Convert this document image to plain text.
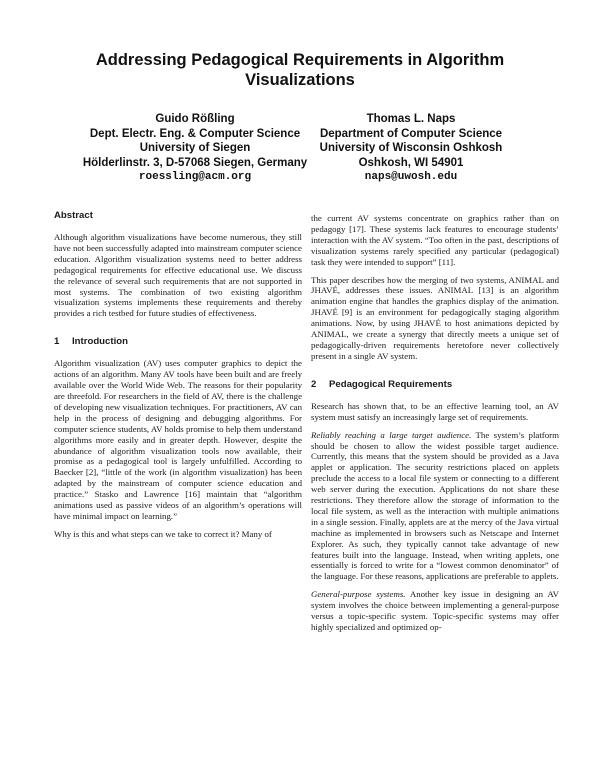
Addressing Pedagogical Requirements in Algorithm Visualizations
Guido Rößling
Dept. Electr. Eng. & Computer Science
University of Siegen
Hölderlinstr. 3, D-57068 Siegen, Germany
roessling@acm.org
Thomas L. Naps
Department of Computer Science
University of Wisconsin Oshkosh
Oshkosh, WI 54901
naps@uwosh.edu
Abstract

Although algorithm visualizations have become numerous, they still have not been successfully adapted into mainstream computer science education. Algorithm visualization systems need to better address pedagogical requirements for effective educational use. We discuss the relevance of several such requirements that are not supported in most systems. The combination of two existing algorithm visualization systems implements these requirements and thereby provides a rich testbed for future studies of effectiveness.

1 Introduction

Algorithm visualization (AV) uses computer graphics to depict the actions of an algorithm. Many AV tools have been built and are freely available over the World Wide Web. The reasons for their popularity are threefold. For researchers in the field of AV, there is the challenge of developing new visualization techniques. For practitioners, AV can help in the process of designing and debugging algorithms. For computer science students, AV holds promise to help them understand algorithms more easily and in greater depth. However, despite the abundance of algorithm visualization tools now available, their promise as a pedagogical tool is largely unfulfilled. According to Baecker [2], “little of the work (in algorithm visualization) has been adapted by the mainstream of computer science education and practice.” Stasko and Lawrence [16] maintain that “algorithm animations used as passive videos of an algorithm’s operations will have minimal impact on learning.”

Why is this and what steps can we take to correct it? Many of

the current AV systems concentrate on graphics rather than on pedagogy [17]. These systems lack features to encourage students’ interaction with the AV system. “Too often in the past, descriptions of visualization systems rarely specified any particular (pedagogical) task they were intended to support” [11].

This paper describes how the merging of two systems, ANIMAL and JHAVÉ, addresses these issues. ANIMAL [13] is an algorithm animation engine that handles the graphics display of the animation. JHAVÉ [9] is an environment for pedagogically staging algorithm animations. Now, by using JHAVÉ to host animations depicted by ANIMAL, we create a synergy that directly meets a unique set of pedagogically-driven requirements heretofore never collectively present in a single AV system.

2 Pedagogical Requirements

Research has shown that, to be an effective learning tool, an AV system must satisfy an increasingly large set of requirements.

Reliably reaching a large target audience. The system’s platform should be chosen to allow the widest possible target audience. Currently, this means that the system should be provided as a Java applet or application. The security restrictions placed on applets preclude the access to a local file system or connecting to a different web server during the execution. Applications do not share these restrictions. They therefore allow the storage of information to the local file system, as well as the interaction with multiple animations in a single session. Finally, applets are at the mercy of the Java virtual machine as implemented in browsers such as Netscape and Internet Explorer. As such, they typically cannot take advantage of new features built into the language. Instead, when writing applets, one essentially is forced to write for a “lowest common denominator” of the language. For these reasons, applications are preferable to applets.

General-purpose systems. Another key issue in designing an AV system involves the choice between implementing a general-purpose versus a topic-specific system. Topic-specific systems may offer highly specialized and optimized op-
